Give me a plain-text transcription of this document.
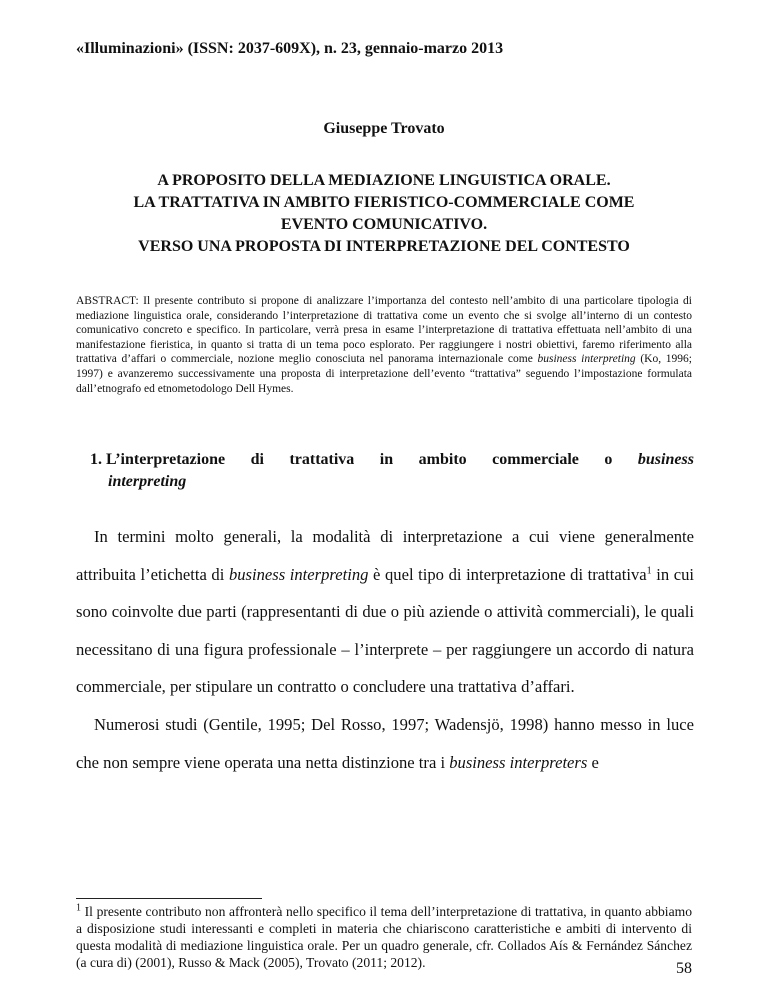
«Illuminazioni» (ISSN: 2037-609X), n. 23, gennaio-marzo 2013
Giuseppe Trovato
A PROPOSITO DELLA MEDIAZIONE LINGUISTICA ORALE.
LA TRATTATIVA IN AMBITO FIERISTICO-COMMERCIALE COME
EVENTO COMUNICATIVO.
VERSO UNA PROPOSTA DI INTERPRETAZIONE DEL CONTESTO
ABSTRACT: Il presente contributo si propone di analizzare l’importanza del contesto nell’ambito di una particolare tipologia di mediazione linguistica orale, considerando l’interpretazione di trattativa come un evento che si svolge all’interno di un contesto comunicativo concreto e specifico. In particolare, verrà presa in esame l’interpretazione di trattativa effettuata nell’ambito di una manifestazione fieristica, in quanto si tratta di un tema poco esplorato. Per raggiungere i nostri obiettivi, faremo riferimento alla trattativa d’affari o commerciale, nozione meglio conosciuta nel panorama internazionale come business interpreting (Ko, 1996; 1997) e avanzeremo successivamente una proposta di interpretazione dell’evento “trattativa” seguendo l’impostazione formulata dall’etnografo ed etnometodologo Dell Hymes.
1. L’interpretazione di trattativa in ambito commerciale o business
interpreting

In termini molto generali, la modalità di interpretazione a cui viene generalmente attribuita l’etichetta di business interpreting è quel tipo di interpretazione di trattativa$^1$ in cui sono coinvolte due parti (rappresentanti di due o più aziende o attività commerciali), le quali necessitano di una figura professionale – l’interprete – per raggiungere un accordo di natura commerciale, per stipulare un contratto o concludere una trattativa d’affari.

Numerosi studi (Gentile, 1995; Del Rosso, 1997; Wadensjö, 1998) hanno messo in luce che non sempre viene operata una netta distinzione tra i business interpreters e

$^1$ Il presente contributo non affronterà nello specifico il tema dell’interpretazione di trattativa, in quanto abbiamo a disposizione studi interessanti e completi in materia che chiariscono caratteristiche e ambiti di intervento di questa modalità di mediazione linguistica orale. Per un quadro generale, cfr. Collados Aís & Fernández Sánchez (a cura di) (2001), Russo & Mack (2005), Trovato (2011; 2012).	58
